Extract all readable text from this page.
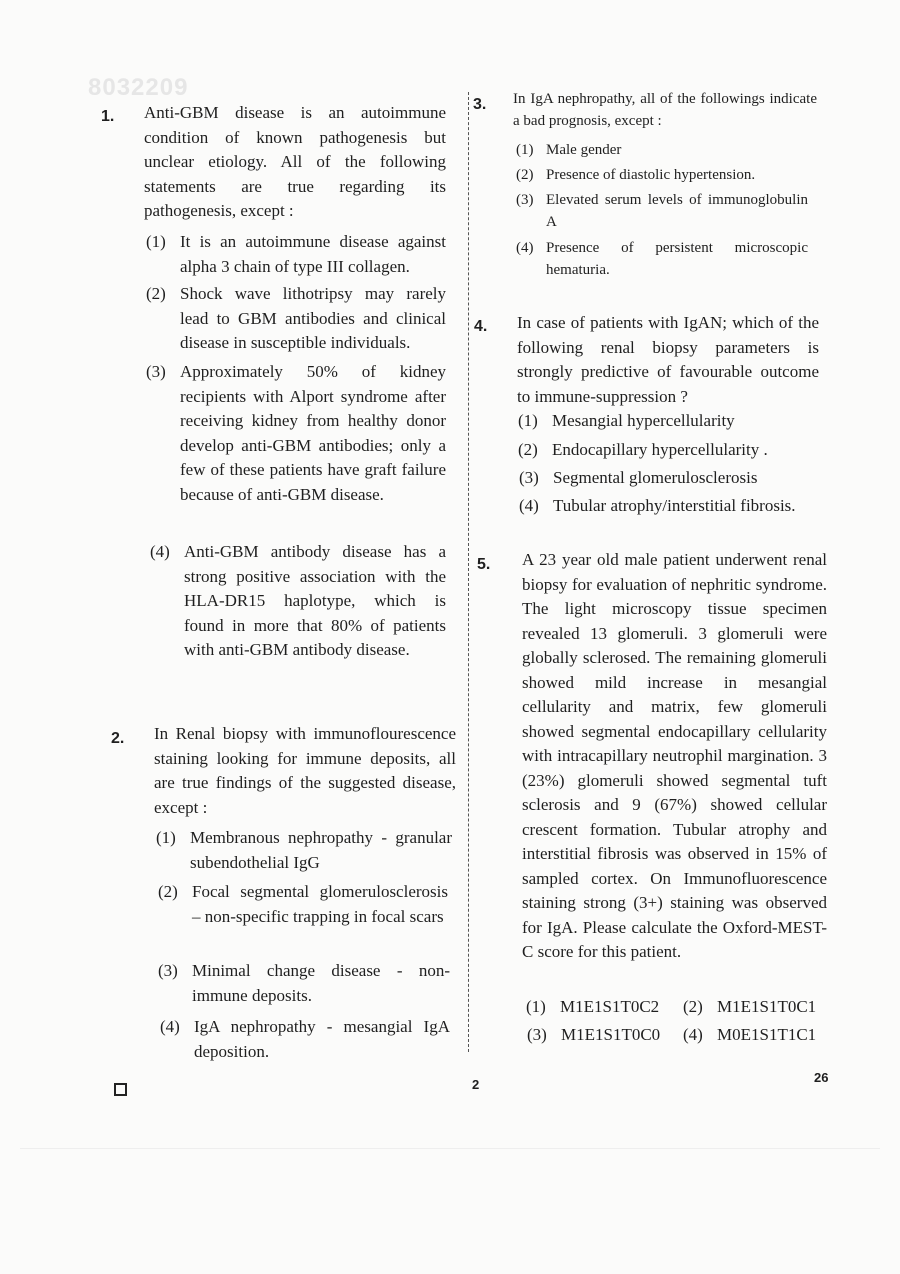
8032209
1. Anti-GBM disease is an autoimmune condition of known pathogenesis but unclear etiology. All of the following statements are true regarding its pathogenesis, except :
(1) It is an autoimmune disease against alpha 3 chain of type III collagen.
(2) Shock wave lithotripsy may rarely lead to GBM antibodies and clinical disease in susceptible individuals.
(3) Approximately 50% of kidney recipients with Alport syndrome after receiving kidney from healthy donor develop anti-GBM antibodies; only a few of these patients have graft failure because of anti-GBM disease.
(4) Anti-GBM antibody disease has a strong positive association with the HLA-DR15 haplotype, which is found in more that 80% of patients with anti-GBM antibody disease.
2. In Renal biopsy with immunoflourescence staining looking for immune deposits, all are true findings of the suggested disease, except :
(1) Membranous nephropathy - granular subendothelial IgG
(2) Focal segmental glomerulosclerosis – non-specific trapping in focal scars
(3) Minimal change disease - non-immune deposits.
(4) IgA nephropathy - mesangial IgA deposition.
3. In IgA nephropathy, all of the followings indicate a bad prognosis, except :
(1) Male gender
(2) Presence of diastolic hypertension.
(3) Elevated serum levels of immunoglobulin A
(4) Presence of persistent microscopic hematuria.
4. In case of patients with IgAN; which of the following renal biopsy parameters is strongly predictive of favourable outcome to immune-suppression ?
(1) Mesangial hypercellularity
(2) Endocapillary hypercellularity .
(3) Segmental glomerulosclerosis
(4) Tubular atrophy/interstitial fibrosis.
5. A 23 year old male patient underwent renal biopsy for evaluation of nephritic syndrome. The light microscopy tissue specimen revealed 13 glomeruli. 3 glomeruli were globally sclerosed. The remaining glomeruli showed mild increase in mesangial cellularity and matrix, few glomeruli showed segmental endocapillary cellularity with intracapillary neutrophil margination. 3 (23%) glomeruli showed segmental tuft sclerosis and 9 (67%) showed cellular crescent formation. Tubular atrophy and interstitial fibrosis was observed in 15% of sampled cortex. On Immunofluorescence staining strong (3+) staining was observed for IgA. Please calculate the Oxford-MEST-C score for this patient.
(1) M1E1S1T0C2	(2) M1E1S1T0C1
(3) M1E1S1T0C0	(4) M0E1S1T1C1
2	26
